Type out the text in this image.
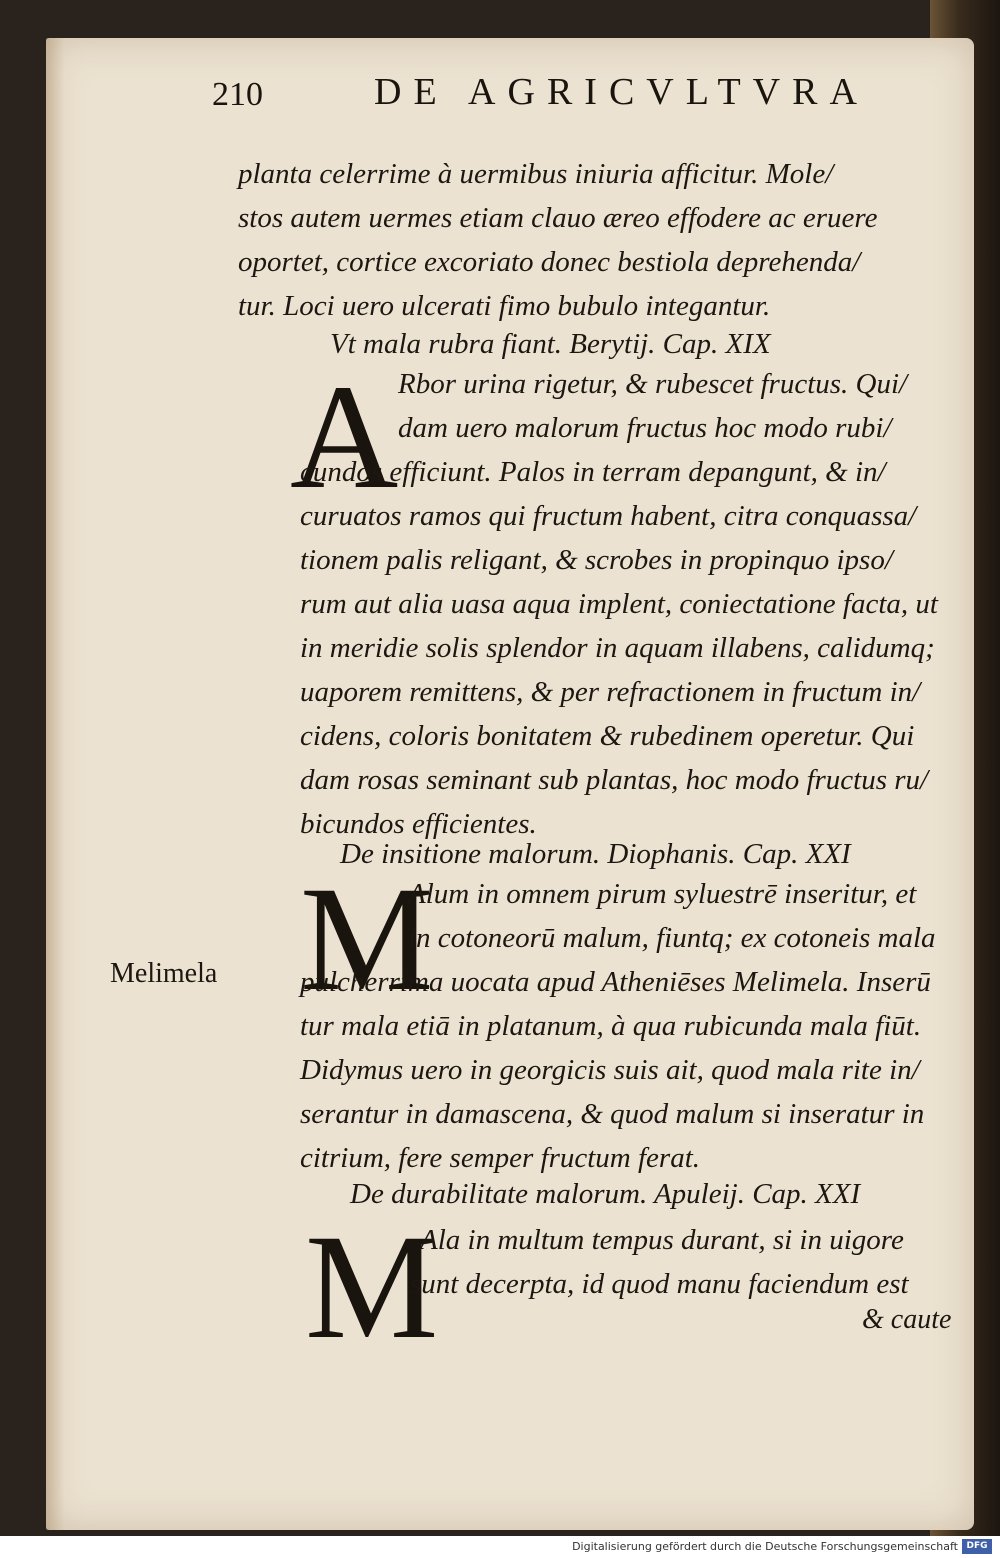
210	DE AGRICVLTVRA
planta celerrime à uermibus iniuria afficitur. Mole/
stos autem uermes etiam clauo æreo effodere ac eruere
oportet, cortice excoriato donec bestiola deprehenda/
tur. Loci uero ulcerati fimo bubulo integantur.
Vt mala rubra fiant. Berytij. Cap. XIX
A Rbor urina rigetur, & rubescet fructus. Qui/
dam uero malorum fructus hoc modo rubi/
cundos efficiunt. Palos in terram depangunt, & in/
curuatos ramos qui fructum habent, citra conquassa/
tionem palis religant, & scrobes in propinquo ipso/
rum aut alia uasa aqua implent, coniectatione facta, ut
in meridie solis splendor in aquam illabens, calidumq;
uaporem remittens, & per refractionem in fructum in/
cidens, coloris bonitatem & rubedinem operetur. Qui
dam rosas seminant sub plantas, hoc modo fructus ru/
bicundos efficientes.
De insitione malorum. Diophanis. Cap. XXI
M
Alum in omnem pirum syluestrē inseritur, et
in cotoneorū malum, fiuntq; ex cotoneis mala
Melimela	pulcherrima uocata apud Atheniēses Melimela. Inserū
tur mala etiā in platanum, à qua rubicunda mala fiūt.
Didymus uero in georgicis suis ait, quod mala rite in/
serantur in damascena, & quod malum si inseratur in
citrium, fere semper fructum ferat.
De durabilitate malorum. Apuleij. Cap. XXI
M
Ala in multum tempus durant, si in uigore
sunt decerpta, id quod manu faciendum est
& caute
Digitalisierung gefördert durch die Deutsche Forschungsgemeinschaft DFG
